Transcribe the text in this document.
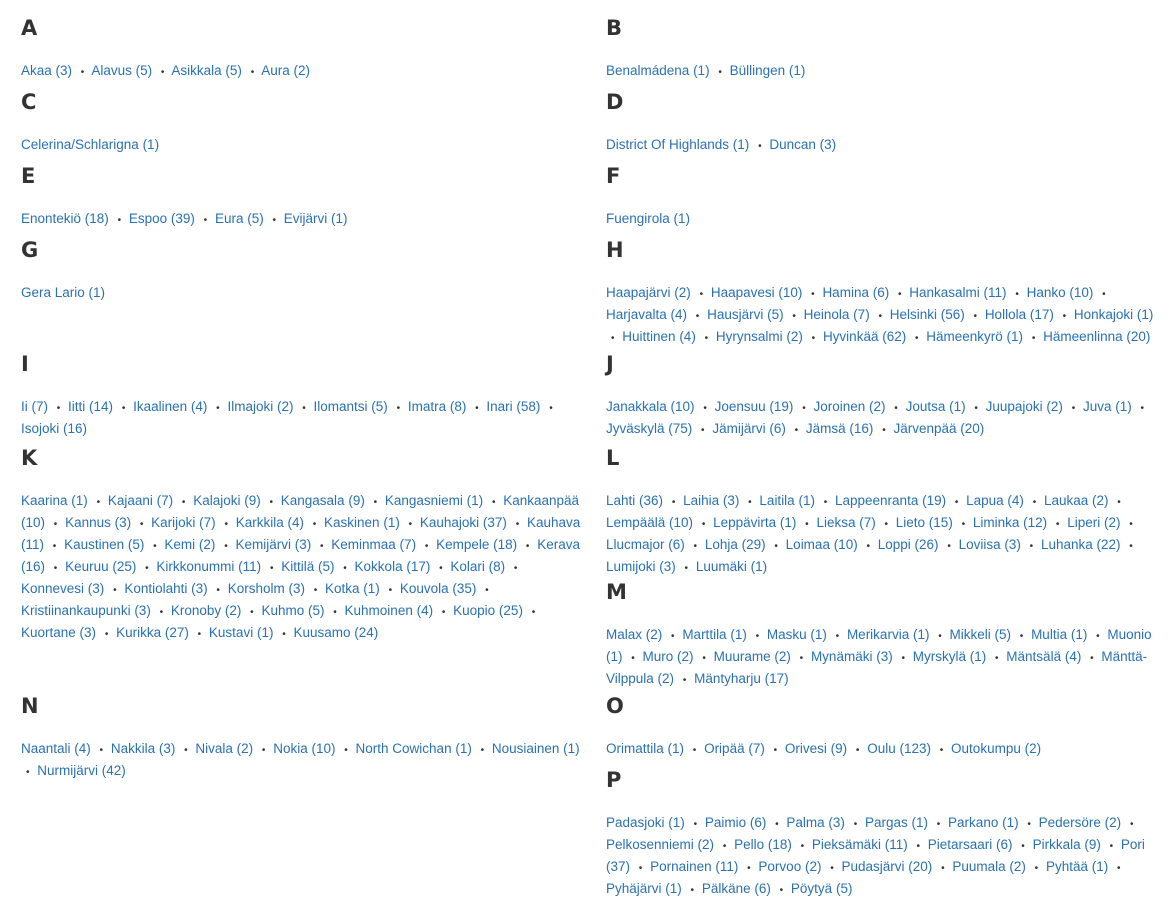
A
Akaa (3) • Alavus (5) • Asikkala (5) • Aura (2)
B
Benalmádena (1) • Büllingen (1)
C
Celerina/Schlarigna (1)
D
District Of Highlands (1) • Duncan (3)
E
Enontekiö (18) • Espoo (39) • Eura (5) • Evijärvi (1)
F
Fuengirola (1)
G
Gera Lario (1)
H
Haapajärvi (2) • Haapavesi (10) • Hamina (6) • Hankasalmi (11) • Hanko (10) • Harjavalta (4) • Hausjärvi (5) • Heinola (7) • Helsinki (56) • Hollola (17) • Honkajoki (1) • Huittinen (4) • Hyrynsalmi (2) • Hyvinkää (62) • Hämeenkyrö (1) • Hämeenlinna (20)
I
Ii (7) • Iitti (14) • Ikaalinen (4) • Ilmajoki (2) • Ilomantsi (5) • Imatra (8) • Inari (58) • Isojoki (16)
J
Janakkala (10) • Joensuu (19) • Joroinen (2) • Joutsa (1) • Juupajoki (2) • Juva (1) • Jyväskylä (75) • Jämijärvi (6) • Jämsä (16) • Järvenpää (20)
K
Kaarina (1) • Kajaani (7) • Kalajoki (9) • Kangasala (9) • Kangasniemi (1) • Kankaanpää (10) • Kannus (3) • Karijoki (7) • Karkkila (4) • Kaskinen (1) • Kauhajoki (37) • Kauhava (11) • Kaustinen (5) • Kemi (2) • Kemijärvi (3) • Keminmaa (7) • Kempele (18) • Kerava (16) • Keuruu (25) • Kirkkonummi (11) • Kittilä (5) • Kokkola (17) • Kolari (8) • Konnevesi (3) • Kontiolahti (3) • Korsholm (3) • Kotka (1) • Kouvola (35) • Kristiinankaupunki (3) • Kronoby (2) • Kuhmo (5) • Kuhmoinen (4) • Kuopio (25) • Kuortane (3) • Kurikka (27) • Kustavi (1) • Kuusamo (24)
L
Lahti (36) • Laihia (3) • Laitila (1) • Lappeenranta (19) • Lapua (4) • Laukaa (2) • Lempäälä (10) • Leppävirta (1) • Lieksa (7) • Lieto (15) • Liminka (12) • Liperi (2) • Llucmajor (6) • Lohja (29) • Loimaa (10) • Loppi (26) • Loviisa (3) • Luhanka (22) • Lumijoki (3) • Luumäki (1)
M
Malax (2) • Marttila (1) • Masku (1) • Merikarvia (1) • Mikkeli (5) • Multia (1) • Muonio (1) • Muro (2) • Muurame (2) • Mynämäki (3) • Myrskylä (1) • Mäntsälä (4) • Mänttä-Vilppula (2) • Mäntyharju (17)
N
Naantali (4) • Nakkila (3) • Nivala (2) • Nokia (10) • North Cowichan (1) • Nousiainen (1) • Nurmijärvi (42)
O
Orimattila (1) • Oripää (7) • Orivesi (9) • Oulu (123) • Outokumpu (2)
P
Padasjoki (1) • Paimio (6) • Palma (3) • Pargas (1) • Parkano (1) • Pedersöre (2) • Pelkosenniemi (2) • Pello (18) • Pieksämäki (11) • Pietarsaari (6) • Pirkkala (9) • Pori (37) • Pornainen (11) • Porvoo (2) • Pudasjärvi (20) • Puumala (2) • Pyhtää (1) • Pyhäjärvi (1) • Pälkäne (6) • Pöytyä (5)
